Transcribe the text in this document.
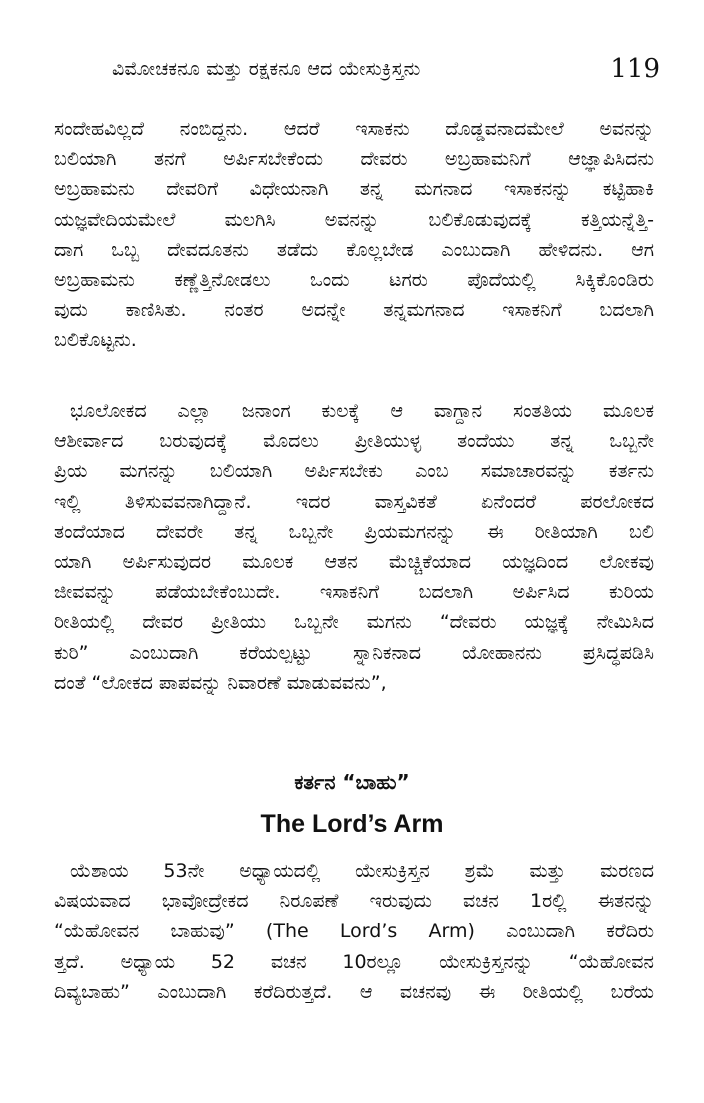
ವಿಮೋಚಕನೂ ಮತ್ತು ರಕ್ಷಕನೂ ಆದ ಯೇಸುಕ್ರಿಸ್ತನು	119
ಸಂದೇಹವಿಲ್ಲದೆ ನಂಬಿದ್ದನು. ಆದರೆ ಇಸಾಕನು ದೊಡ್ಡವನಾದಮೇಲೆ ಅವನನ್ನು
ಬಲಿಯಾಗಿ ತನಗೆ ಅರ್ಪಿಸಬೇಕೆಂದು ದೇವರು ಅಬ್ರಹಾಮನಿಗೆ ಆಜ್ಞಾಪಿಸಿದನು
ಅಬ್ರಹಾಮನು ದೇವರಿಗೆ ವಿಧೇಯನಾಗಿ ತನ್ನ ಮಗನಾದ ಇಸಾಕನನ್ನು ಕಟ್ಟಿಹಾಕಿ
ಯಜ್ಞವೇದಿಯಮೇಲೆ ಮಲಗಿಸಿ ಅವನನ್ನು ಬಲಿಕೊಡುವುದಕ್ಕೆ ಕತ್ತಿಯನ್ನೆತ್ತಿ-
ದಾಗ ಒಬ್ಬ ದೇವದೂತನು ತಡೆದು ಕೊಲ್ಲಬೇಡ ಎಂಬುದಾಗಿ ಹೇಳಿದನು. ಆಗ
ಅಬ್ರಹಾಮನು ಕಣ್ಣೆತ್ತಿನೋಡಲು ಒಂದು ಟಗರು ಪೊದೆಯಲ್ಲಿ ಸಿಕ್ಕಿಕೊಂಡಿರು
ವುದು ಕಾಣಿಸಿತು. ನಂತರ ಅದನ್ನೇ ತನ್ನಮಗನಾದ ಇಸಾಕನಿಗೆ ಬದಲಾಗಿ
ಬಲಿಕೊಟ್ಟನು.
ಭೂಲೋಕದ ಎಲ್ಲಾ ಜನಾಂಗ ಕುಲಕ್ಕೆ ಆ ವಾಗ್ದಾನ ಸಂತತಿಯ ಮೂಲಕ
ಆಶೀರ್ವಾದ ಬರುವುದಕ್ಕೆ ಮೊದಲು ಪ್ರೀತಿಯುಳ್ಳ ತಂದೆಯು ತನ್ನ ಒಬ್ಬನೇ
ಪ್ರಿಯ ಮಗನನ್ನು ಬಲಿಯಾಗಿ ಅರ್ಪಿಸಬೇಕು ಎಂಬ ಸಮಾಚಾರವನ್ನು ಕರ್ತನು
ಇಲ್ಲಿ ತಿಳಿಸುವವನಾಗಿದ್ದಾನೆ. ಇದರ ವಾಸ್ತವಿಕತೆ ಏನೆಂದರೆ ಪರಲೋಕದ
ತಂದೆಯಾದ ದೇವರೇ ತನ್ನ ಒಬ್ಬನೇ ಪ್ರಿಯಮಗನನ್ನು ಈ ರೀತಿಯಾಗಿ ಬಲಿ
ಯಾಗಿ ಅರ್ಪಿಸುವುದರ ಮೂಲಕ ಆತನ ಮೆಚ್ಚಿಕೆಯಾದ ಯಜ್ಞದಿಂದ ಲೋಕವು
ಜೀವವನ್ನು ಪಡೆಯಬೇಕೆಂಬುದೇ. ಇಸಾಕನಿಗೆ ಬದಲಾಗಿ ಅರ್ಪಿಸಿದ ಕುರಿಯ
ರೀತಿಯಲ್ಲಿ ದೇವರ ಪ್ರೀತಿಯು ಒಬ್ಬನೇ ಮಗನು “ದೇವರು ಯಜ್ಞಕ್ಕೆ ನೇಮಿಸಿದ
ಕುರಿ” ಎಂಬುದಾಗಿ ಕರೆಯಲ್ಪಟ್ಟು ಸ್ನಾನಿಕನಾದ ಯೋಹಾನನು ಪ್ರಸಿದ್ಧಪಡಿಸಿ
ದಂತೆ “ಲೋಕದ ಪಾಪವನ್ನು ನಿವಾರಣೆ ಮಾಡುವವನು”,
ಕರ್ತನ “ಬಾಹು”
The Lord’s Arm
ಯೆಶಾಯ 53ನೇ ಅಧ್ಯಾಯದಲ್ಲಿ ಯೇಸುಕ್ರಿಸ್ತನ ಶ್ರಮೆ ಮತ್ತು ಮರಣದ
ವಿಷಯವಾದ ಭಾವೋದ್ರೇಕದ ನಿರೂಪಣೆ ಇರುವುದು ವಚನ 1ರಲ್ಲಿ ಈತನನ್ನು
“ಯೆಹೋವನ ಬಾಹುವು” (The Lord’s Arm) ಎಂಬುದಾಗಿ ಕರೆದಿರು
ತ್ತದೆ. ಅಧ್ಯಾಯ 52 ವಚನ 10ರಲ್ಲೂ ಯೇಸುಕ್ರಿಸ್ತನನ್ನು “ಯೆಹೋವನ
ದಿವ್ಯಬಾಹು” ಎಂಬುದಾಗಿ ಕರೆದಿರುತ್ತದೆ. ಆ ವಚನವು ಈ ರೀತಿಯಲ್ಲಿ ಬರೆಯ
